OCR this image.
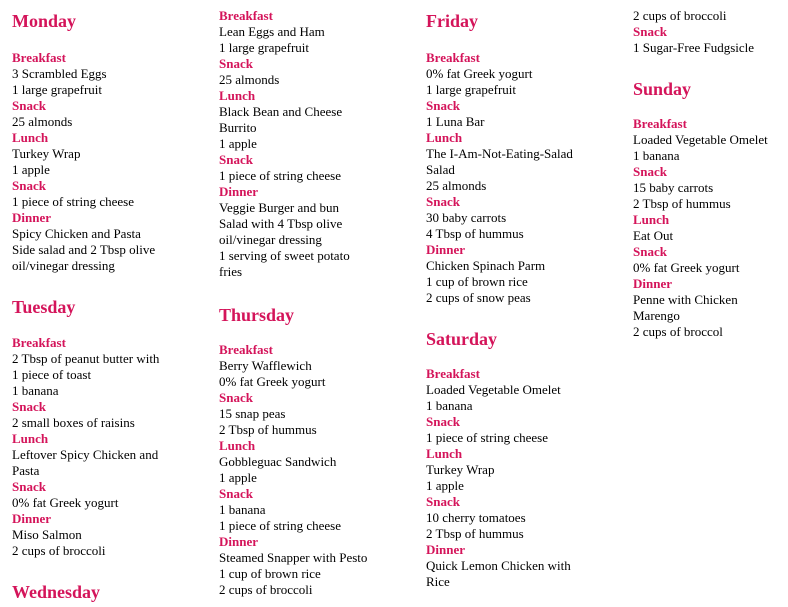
Monday
Breakfast
3 Scrambled Eggs
1 large grapefruit
Snack
25 almonds
Lunch
Turkey Wrap
1 apple
Snack
1 piece of string cheese
Dinner
Spicy Chicken and Pasta
Side salad and 2 Tbsp olive
oil/vinegar dressing
Tuesday
Breakfast
2 Tbsp of peanut butter with
1 piece of toast
1 banana
Snack
2 small boxes of raisins
Lunch
Leftover Spicy Chicken and
Pasta
Snack
0% fat Greek yogurt
Dinner
Miso Salmon
2 cups of broccoli
Wednesday
Breakfast
Lean Eggs and Ham
1 large grapefruit
Snack
25 almonds
Lunch
Black Bean and Cheese
Burrito
1 apple
Snack
1 piece of string cheese
Dinner
Veggie Burger and bun
Salad with 4 Tbsp olive
oil/vinegar dressing
1 serving of sweet potato
fries
Thursday
Breakfast
Berry Wafflewich
0% fat Greek yogurt
Snack
15 snap peas
2 Tbsp of hummus
Lunch
Gobbleguac Sandwich
1 apple
Snack
1 banana
1 piece of string cheese
Dinner
Steamed Snapper with Pesto
1 cup of brown rice
2 cups of broccoli
Friday
Breakfast
0% fat Greek yogurt
1 large grapefruit
Snack
1 Luna Bar
Lunch
The I-Am-Not-Eating-Salad
Salad
25 almonds
Snack
30 baby carrots
4 Tbsp of hummus
Dinner
Chicken Spinach Parm
1 cup of brown rice
2 cups of snow peas
Saturday
Breakfast
Loaded Vegetable Omelet
1 banana
Snack
1 piece of string cheese
Lunch
Turkey Wrap
1 apple
Snack
10 cherry tomatoes
2 Tbsp of hummus
Dinner
Quick Lemon Chicken with
Rice
2 cups of broccoli
Snack
1 Sugar-Free Fudgsicle
Sunday
Breakfast
Loaded Vegetable Omelet
1 banana
Snack
15 baby carrots
2 Tbsp of hummus
Lunch
Eat Out
Snack
0% fat Greek yogurt
Dinner
Penne with Chicken
Marengo
2 cups of broccol
